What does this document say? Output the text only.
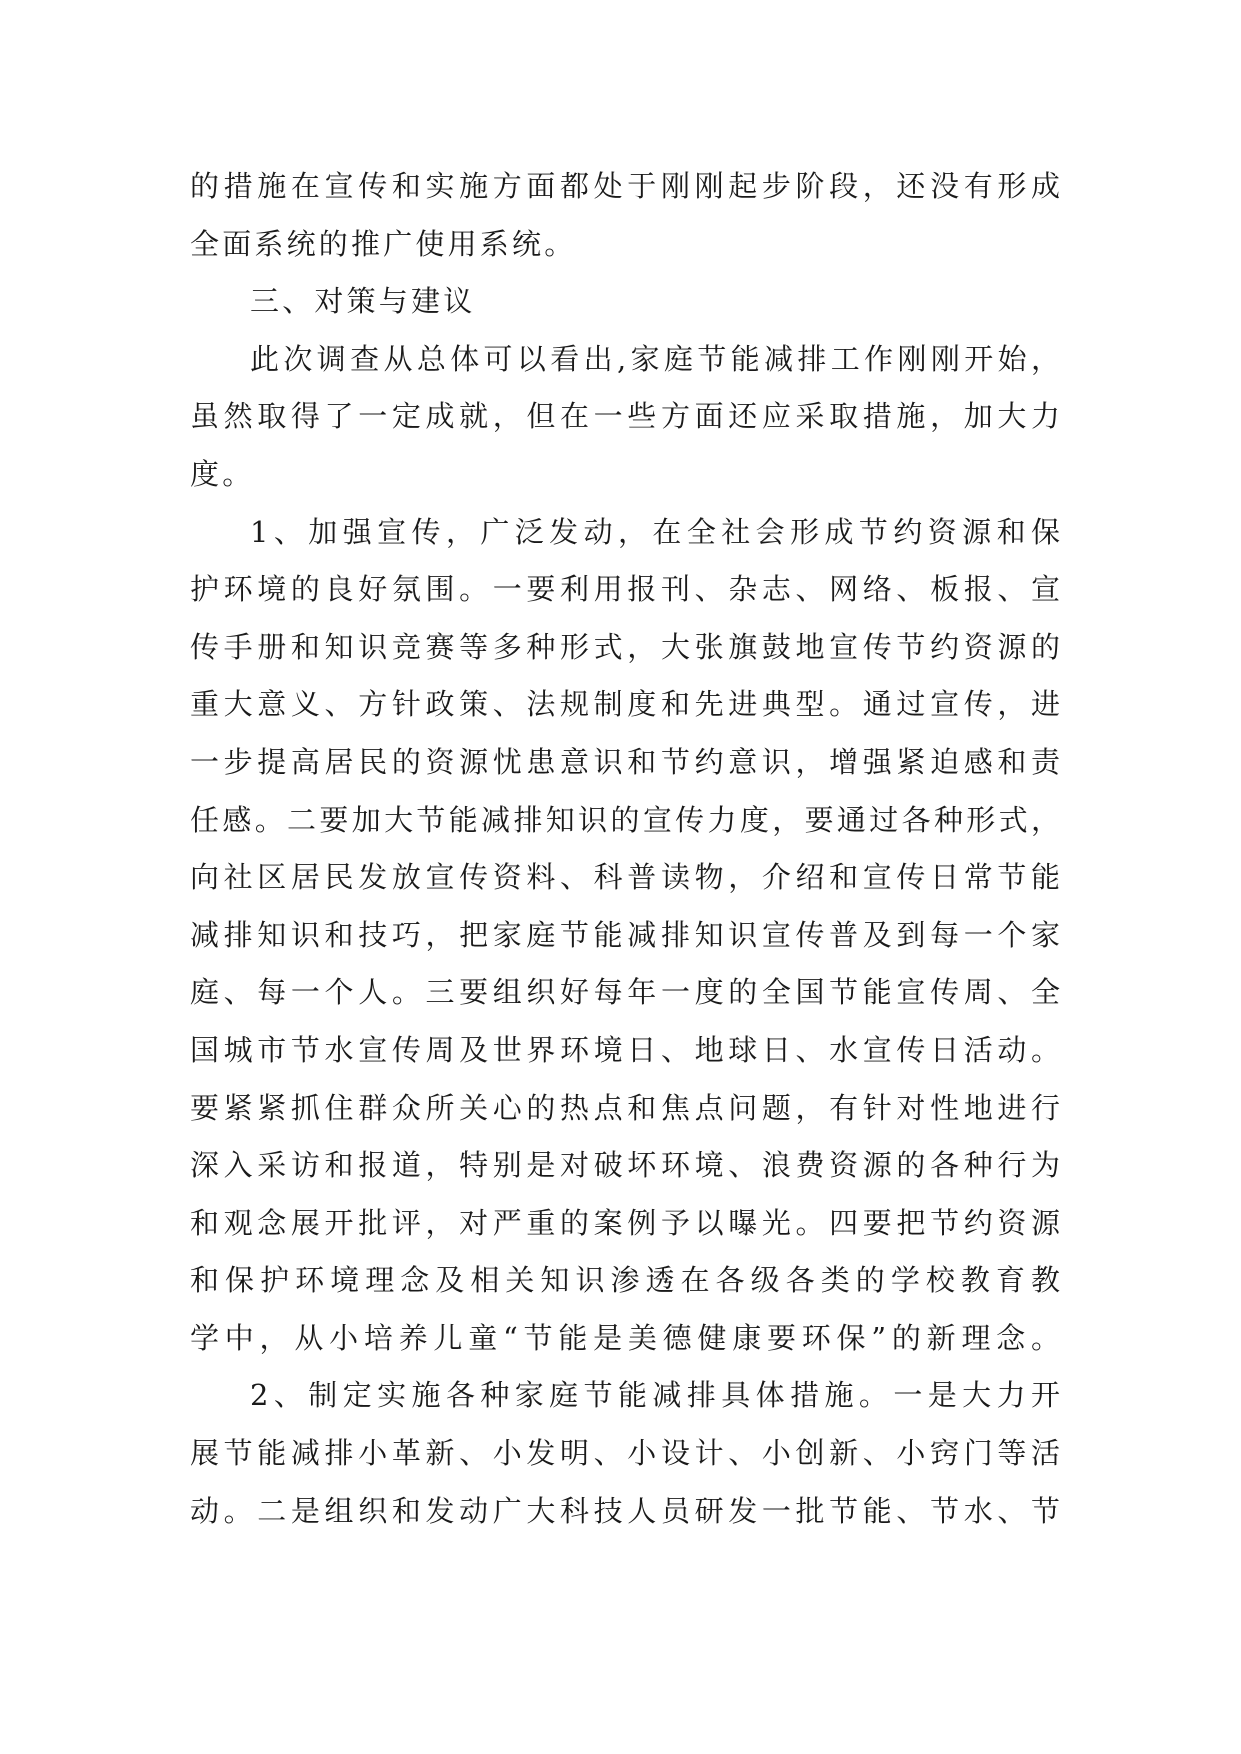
的措施在宣传和实施方面都处于刚刚起步阶段，还没有形成
全面系统的推广使用系统。
三、对策与建议
此次调查从总体可以看出,家庭节能减排工作刚刚开始，
虽然取得了一定成就，但在一些方面还应采取措施，加大力
度。
1、加强宣传，广泛发动，在全社会形成节约资源和保
护环境的良好氛围。一要利用报刊、杂志、网络、板报、宣
传手册和知识竞赛等多种形式，大张旗鼓地宣传节约资源的
重大意义、方针政策、法规制度和先进典型。通过宣传，进
一步提高居民的资源忧患意识和节约意识，增强紧迫感和责
任感。二要加大节能减排知识的宣传力度，要通过各种形式，
向社区居民发放宣传资料、科普读物，介绍和宣传日常节能
减排知识和技巧，把家庭节能减排知识宣传普及到每一个家
庭、每一个人。三要组织好每年一度的全国节能宣传周、全
国城市节水宣传周及世界环境日、地球日、水宣传日活动。
要紧紧抓住群众所关心的热点和焦点问题，有针对性地进行
深入采访和报道，特别是对破坏环境、浪费资源的各种行为
和观念展开批评，对严重的案例予以曝光。四要把节约资源
和保护环境理念及相关知识渗透在各级各类的学校教育教
学中，从小培养儿童“节能是美德健康要环保”的新理念。
2、制定实施各种家庭节能减排具体措施。一是大力开
展节能减排小革新、小发明、小设计、小创新、小窍门等活
动。二是组织和发动广大科技人员研发一批节能、节水、节
